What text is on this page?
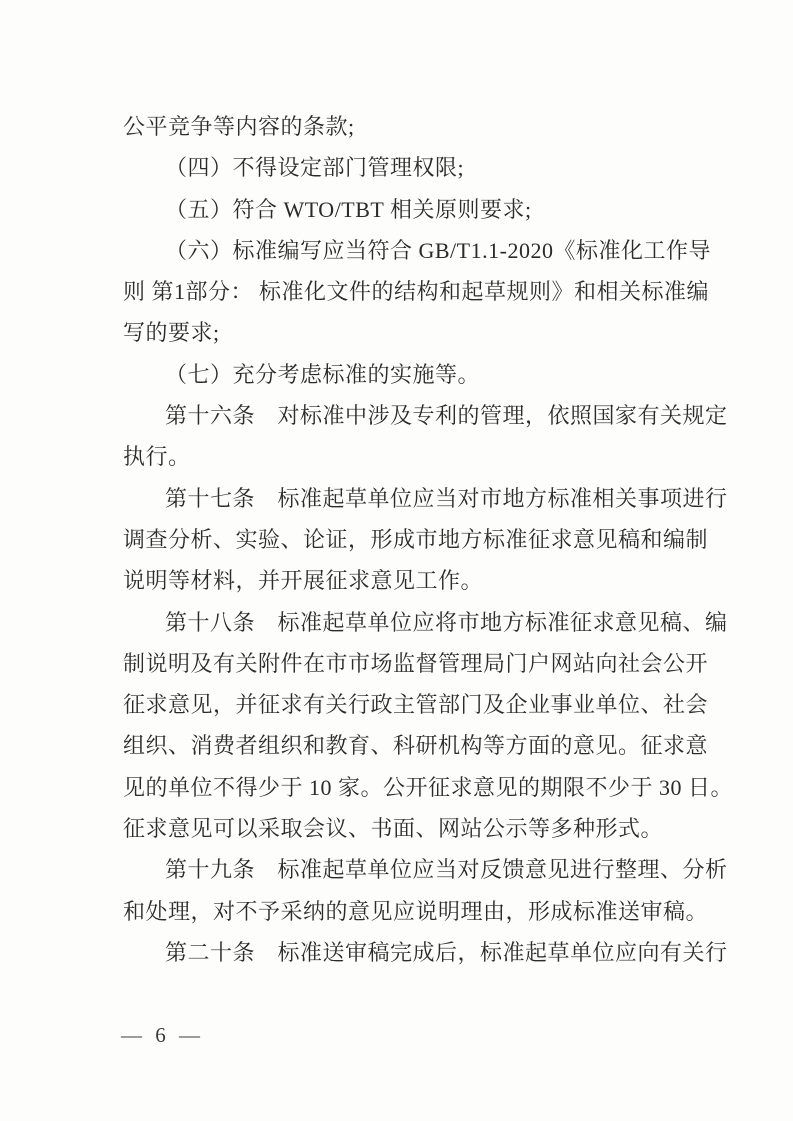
公平竞争等内容的条款;
（四）不得设定部门管理权限;
（五）符合 WTO/TBT 相关原则要求;
（六）标准编写应当符合 GB/T1.1-2020《标准化工作导
则 第1部分： 标准化文件的结构和起草规则》和相关标准编
写的要求;
（七）充分考虑标准的实施等。
第十六条　对标准中涉及专利的管理，依照国家有关规定
执行。
第十七条　标准起草单位应当对市地方标准相关事项进行
调查分析、实验、论证，形成市地方标准征求意见稿和编制
说明等材料，并开展征求意见工作。
第十八条　标准起草单位应将市地方标准征求意见稿、编
制说明及有关附件在市市场监督管理局门户网站向社会公开
征求意见，并征求有关行政主管部门及企业事业单位、社会
组织、消费者组织和教育、科研机构等方面的意见。征求意
见的单位不得少于 10 家。公开征求意见的期限不少于 30 日。
征求意见可以采取会议、书面、网站公示等多种形式。
第十九条　标准起草单位应当对反馈意见进行整理、分析
和处理，对不予采纳的意见应说明理由，形成标准送审稿。
第二十条　标准送审稿完成后，标准起草单位应向有关行
— 6 —
